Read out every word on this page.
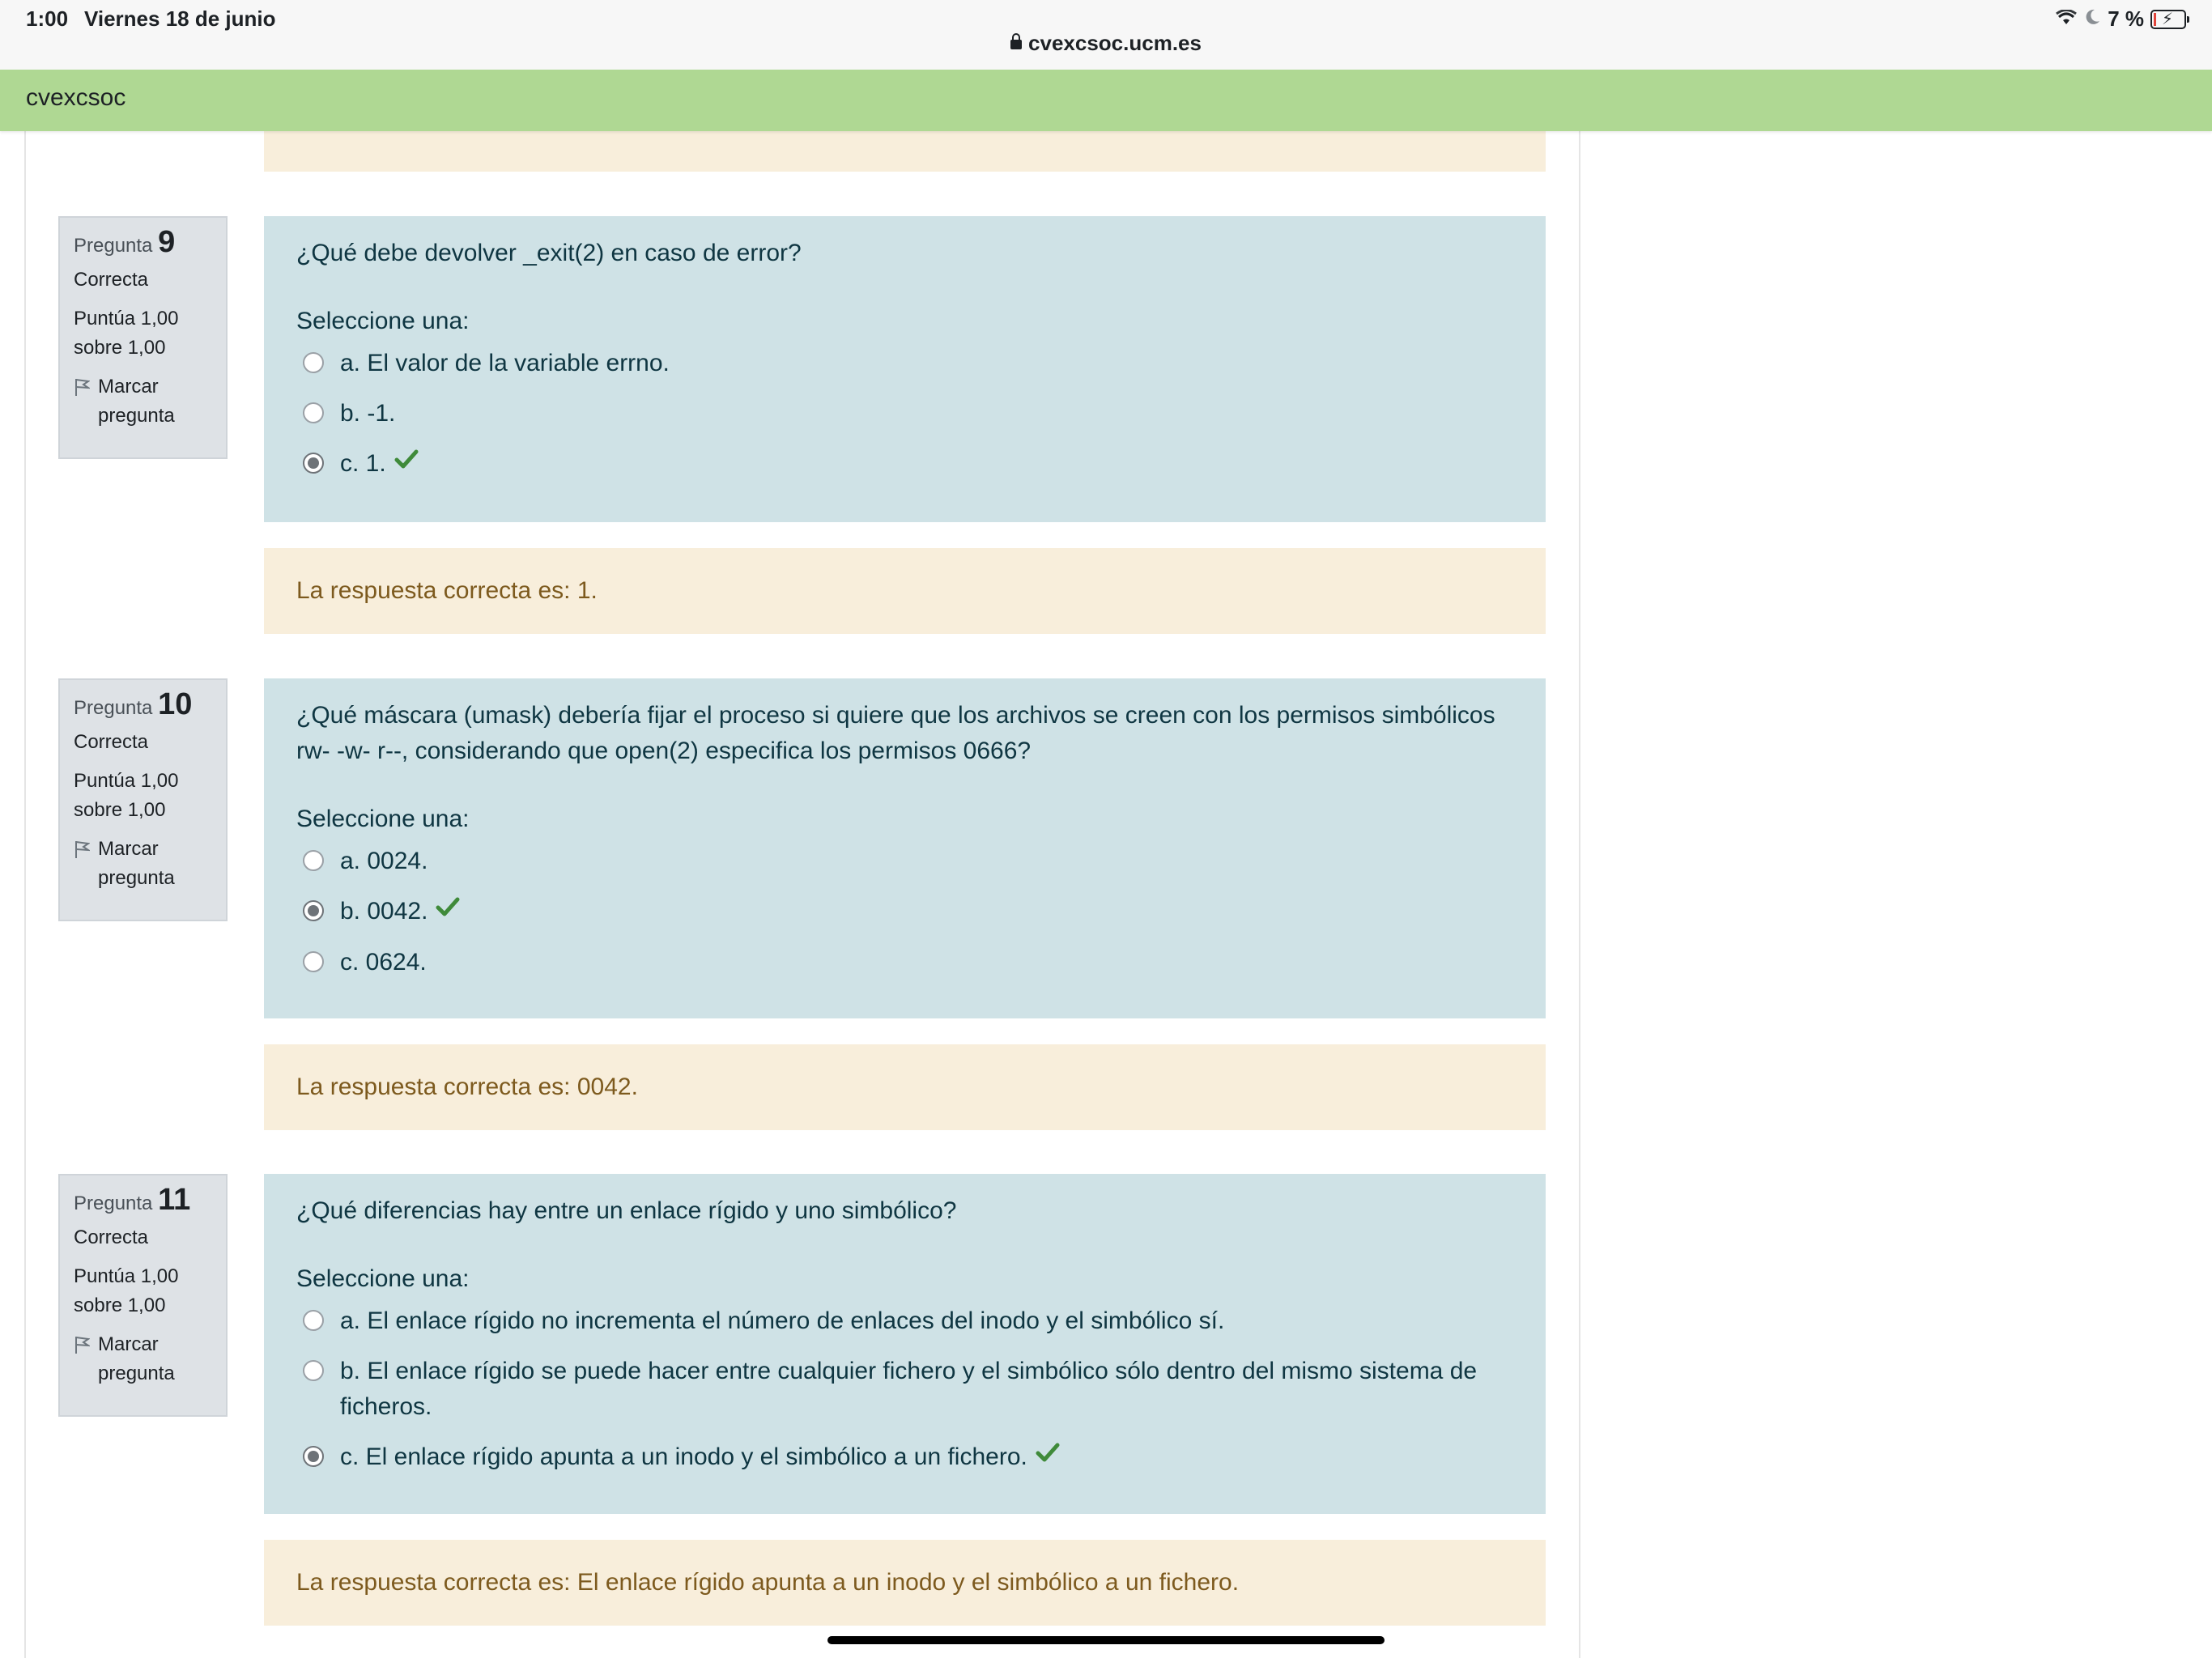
1:00 Viernes 18 de junio
cvexcsoc.ucm.es
7 % ⚡
cvexcsoc
Pregunta 9
Correcta
Puntúa 1,00
sobre 1,00
Marcar
pregunta
¿Qué debe devolver _exit(2) en caso de error?
Seleccione una:
a. El valor de la variable errno.
b. -1.
c. 1.
La respuesta correcta es: 1.
Pregunta 10
Correcta
Puntúa 1,00
sobre 1,00
Marcar
pregunta
¿Qué máscara (umask) debería fijar el proceso si quiere que los archivos se creen con los permisos simbólicos rw- -w- r--, considerando que open(2) especifica los permisos 0666?
Seleccione una:
a. 0024.
b. 0042.
c. 0624.
La respuesta correcta es: 0042.
Pregunta 11
Correcta
Puntúa 1,00
sobre 1,00
Marcar
pregunta
¿Qué diferencias hay entre un enlace rígido y uno simbólico?
Seleccione una:
a. El enlace rígido no incrementa el número de enlaces del inodo y el simbólico sí.
b. El enlace rígido se puede hacer entre cualquier fichero y el simbólico sólo dentro del mismo sistema de ficheros.
c. El enlace rígido apunta a un inodo y el simbólico a un fichero.
La respuesta correcta es: El enlace rígido apunta a un inodo y el simbólico a un fichero.
